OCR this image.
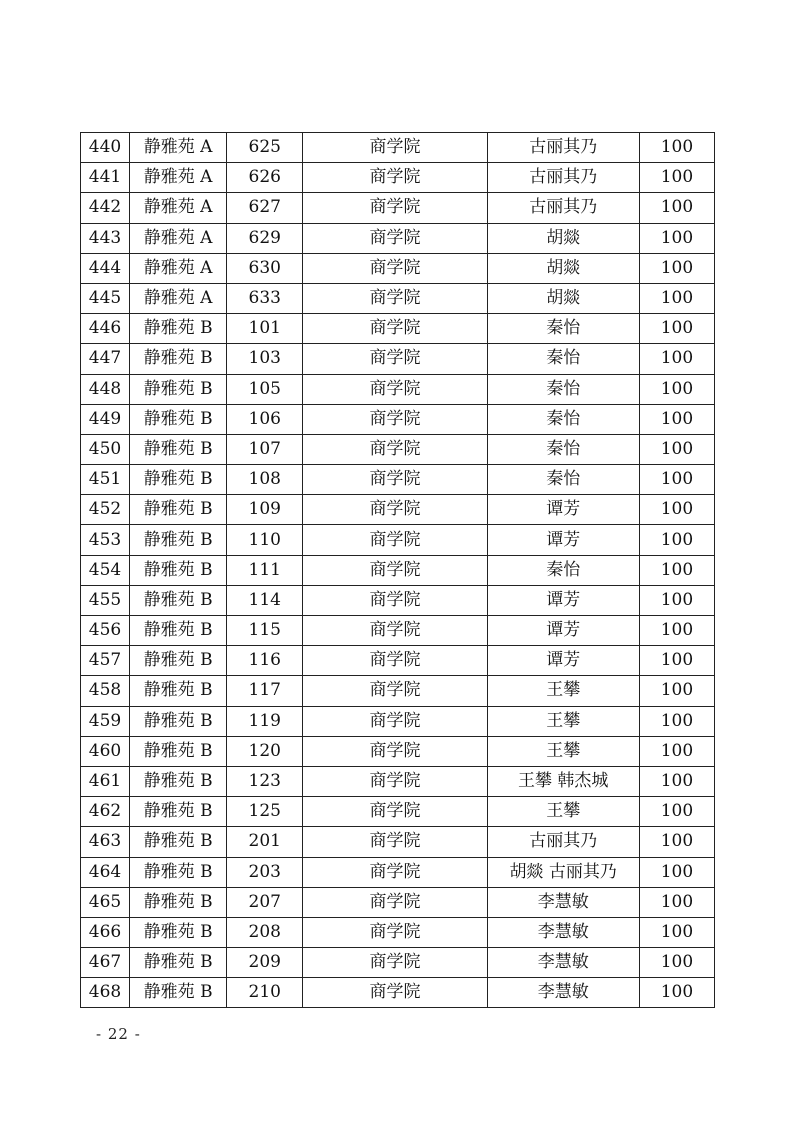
440	静雅苑 A	625	商学院	古丽其乃	100
441	静雅苑 A	626	商学院	古丽其乃	100
442	静雅苑 A	627	商学院	古丽其乃	100
443	静雅苑 A	629	商学院	胡燚	100
444	静雅苑 A	630	商学院	胡燚	100
445	静雅苑 A	633	商学院	胡燚	100
446	静雅苑 B	101	商学院	秦怡	100
447	静雅苑 B	103	商学院	秦怡	100
448	静雅苑 B	105	商学院	秦怡	100
449	静雅苑 B	106	商学院	秦怡	100
450	静雅苑 B	107	商学院	秦怡	100
451	静雅苑 B	108	商学院	秦怡	100
452	静雅苑 B	109	商学院	谭芳	100
453	静雅苑 B	110	商学院	谭芳	100
454	静雅苑 B	111	商学院	秦怡	100
455	静雅苑 B	114	商学院	谭芳	100
456	静雅苑 B	115	商学院	谭芳	100
457	静雅苑 B	116	商学院	谭芳	100
458	静雅苑 B	117	商学院	王攀	100
459	静雅苑 B	119	商学院	王攀	100
460	静雅苑 B	120	商学院	王攀	100
461	静雅苑 B	123	商学院	王攀 韩杰城	100
462	静雅苑 B	125	商学院	王攀	100
463	静雅苑 B	201	商学院	古丽其乃	100
464	静雅苑 B	203	商学院	胡燚 古丽其乃	100
465	静雅苑 B	207	商学院	李慧敏	100
466	静雅苑 B	208	商学院	李慧敏	100
467	静雅苑 B	209	商学院	李慧敏	100
468	静雅苑 B	210	商学院	李慧敏	100
- 22 -
